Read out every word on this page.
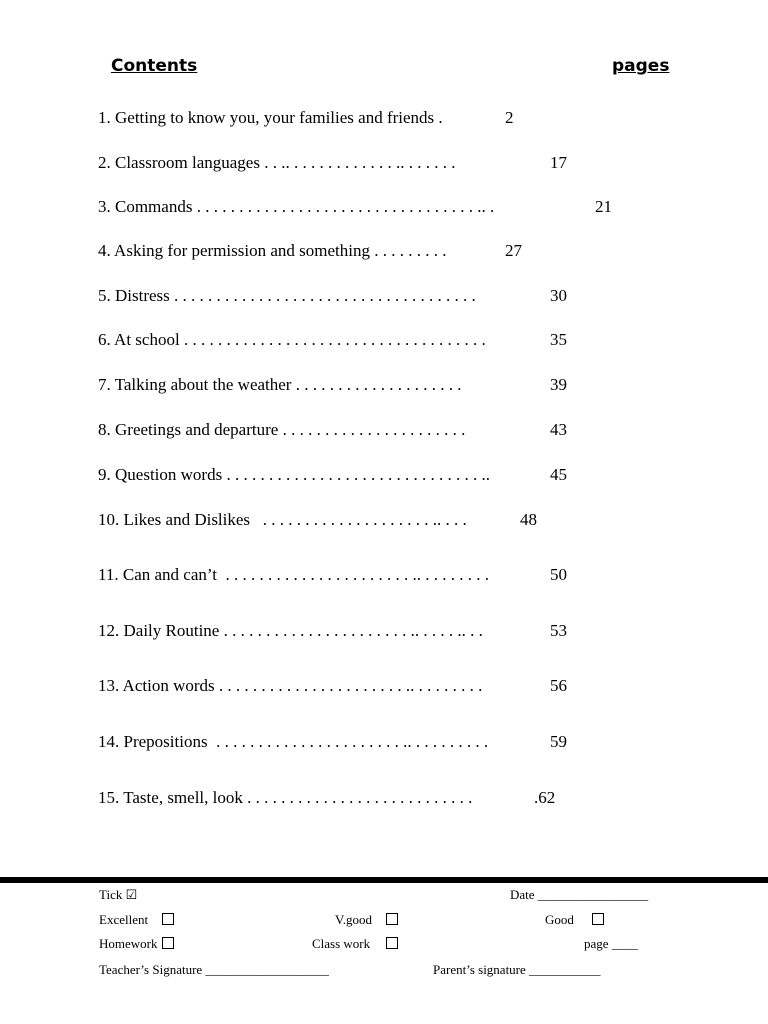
Contents	pages
1. Getting to know you, your families and friends .	2
2. Classroom languages . . .. . . . . . . . . . . . . .. . . . . . .	17
3. Commands . . . . . . . . . . . . . . . . . . . . . . . . . . . . . . . . . .. .	21
4. Asking for permission and something . . . . . . . . .	27
5. Distress . . . . . . . . . . . . . . . . . . . . . . . . . . . . . . . . . . . .	30
6. At school . . . . . . . . . . . . . . . . . . . . . . . . . . . . . . . . . . . .	35
7. Talking about the weather . . . . . . . . . . . . . . . . . . . .	39
8. Greetings and departure . . . . . . . . . . . . . . . . . . . . . .	43
9. Question words . . . . . . . . . . . . . . . . . . . . . . . . . . . . . . ..	45
10. Likes and Dislikes   . . . . . . . . . . . . . . . . . . . . .. . . .	48
11. Can and can’t  . . . . . . . . . . . . . . . . . . . . . . .. . . . . . . . .	50
12. Daily Routine . . . . . . . . . . . . . . . . . . . . . . .. . . . . .. . .	53
13. Action words . . . . . . . . . . . . . . . . . . . . . . .. . . . . . . . .	56
14. Prepositions  . . . . . . . . . . . . . . . . . . . . . . .. . . . . . . . . .	59
15. Taste, smell, look . . . . . . . . . . . . . . . . . . . . . . . . . . .	.62
Tick ☑	Date _________________
Excellent	V.good	Good
Homework	Class work	page ____
Teacher’s Signature ___________________	Parent’s signature ___________
